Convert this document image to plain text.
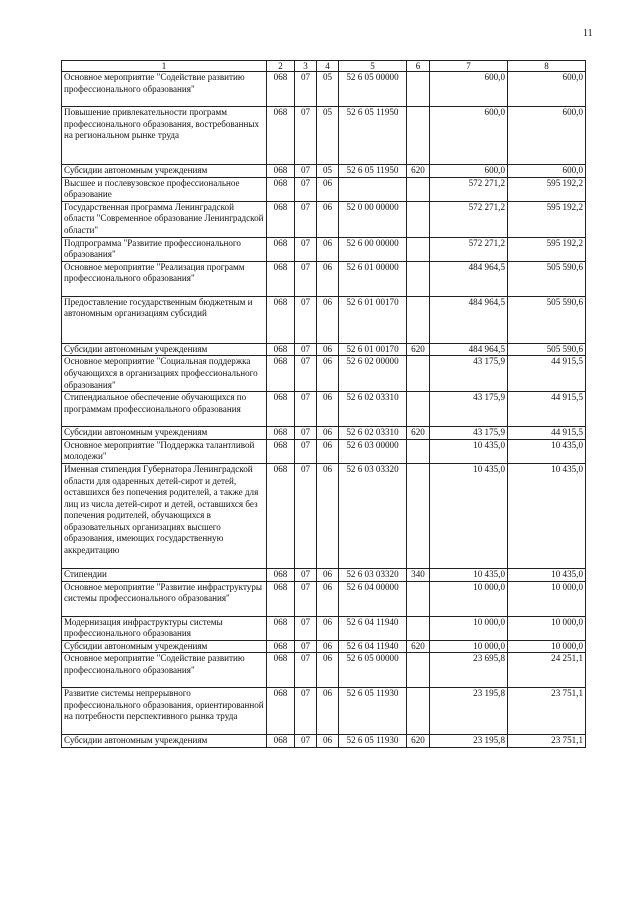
11
1	2	3	4	5	6	7	8
Основное мероприятие "Содействие развитию профессионального образования"	068	07	05	52 6 05 00000		600,0	600,0
Повышение привлекательности программ профессионального образования, востребованных на региональном рынке труда	068	07	05	52 6 05 11950		600,0	600,0
Субсидии автономным учреждениям	068	07	05	52 6 05 11950	620	600,0	600,0
Высшее и послевузовское профессиональное образование	068	07	06			572 271,2	595 192,2
Государственная программа Ленинградской области "Современное образование Ленинградской области"	068	07	06	52 0 00 00000		572 271,2	595 192,2
Подпрограмма "Развитие профессионального образования"	068	07	06	52 6 00 00000		572 271,2	595 192,2
Основное мероприятие "Реализация программ профессионального образования"	068	07	06	52 6 01 00000		484 964,5	505 590,6
Предоставление государственным бюджетным и автономным организациям субсидий	068	07	06	52 6 01 00170		484 964,5	505 590,6
Субсидии автономным учреждениям	068	07	06	52 6 01 00170	620	484 964,5	505 590,6
Основное мероприятие "Социальная поддержка обучающихся в организациях профессионального образования"	068	07	06	52 6 02 00000		43 175,9	44 915,5
Стипендиальное обеспечение обучающихся по программам профессионального образования	068	07	06	52 6 02 03310		43 175,9	44 915,5
Субсидии автономным учреждениям	068	07	06	52 6 02 03310	620	43 175,9	44 915,5
Основное мероприятие "Поддержка талантливой молодежи"	068	07	06	52 6 03 00000		10 435,0	10 435,0
Именная стипендия Губернатора Ленинградской области для одаренных детей-сирот и детей, оставшихся без попечения родителей, а также для лиц из числа детей-сирот и детей, оставшихся без попечения родителей, обучающихся в образовательных организациях высшего образования, имеющих государственную аккредитацию	068	07	06	52 6 03 03320		10 435,0	10 435,0
Стипендии	068	07	06	52 6 03 03320	340	10 435,0	10 435,0
Основное мероприятие "Развитие инфраструктуры системы профессионального образования"	068	07	06	52 6 04 00000		10 000,0	10 000,0
Модернизация инфраструктуры системы профессионального образования	068	07	06	52 6 04 11940		10 000,0	10 000,0
Субсидии автономным учреждениям	068	07	06	52 6 04 11940	620	10 000,0	10 000,0
Основное мероприятие "Содействие развитию профессионального образования"	068	07	06	52 6 05 00000		23 695,8	24 251,1
Развитие системы непрерывного профессионального образования, ориентированной на потребности перспективного рынка труда	068	07	06	52 6 05 11930		23 195,8	23 751,1
Субсидии автономным учреждениям	068	07	06	52 6 05 11930	620	23 195,8	23 751,1
